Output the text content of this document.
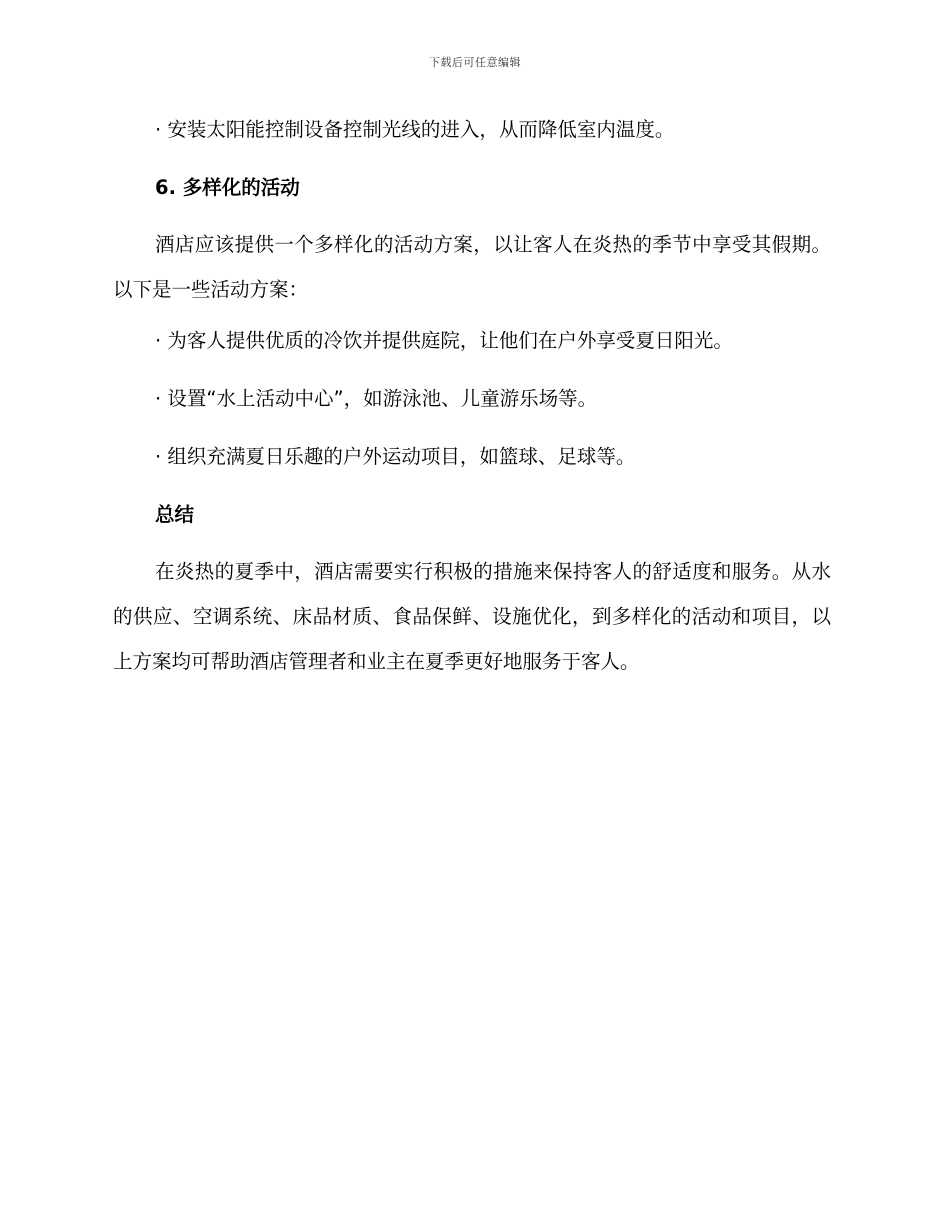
下载后可任意编辑

· 安装太阳能控制设备控制光线的进入，从而降低室内温度。

6. 多样化的活动

酒店应该提供一个多样化的活动方案，以让客人在炎热的季节中享受其假期。以下是一些活动方案：

· 为客人提供优质的冷饮并提供庭院，让他们在户外享受夏日阳光。

· 设置“水上活动中心”，如游泳池、儿童游乐场等。

· 组织充满夏日乐趣的户外运动项目，如篮球、足球等。

总结

在炎热的夏季中，酒店需要实行积极的措施来保持客人的舒适度和服务。从水的供应、空调系统、床品材质、食品保鲜、设施优化，到多样化的活动和项目，以上方案均可帮助酒店管理者和业主在夏季更好地服务于客人。
